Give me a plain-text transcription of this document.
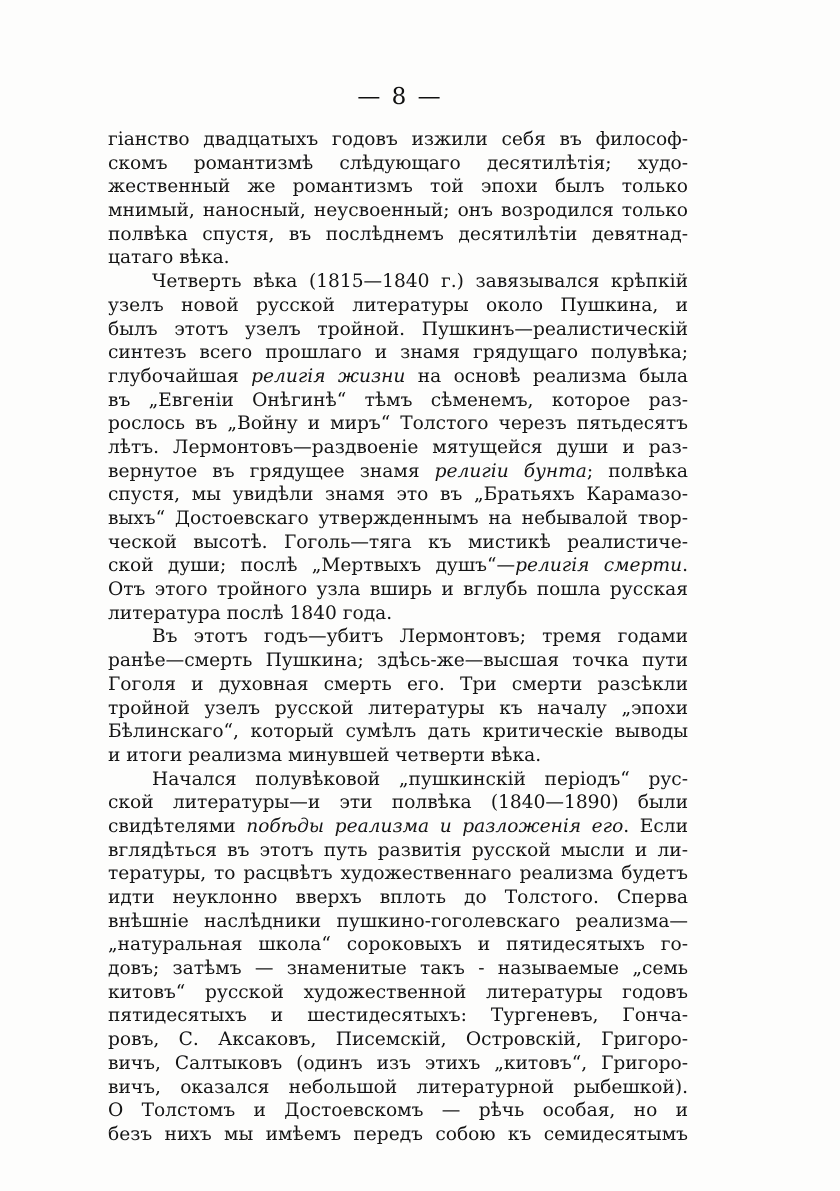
— 8 —
гіанство двадцатыхъ годовъ изжили себя въ философ-
скомъ романтизмѣ слѣдующаго десятилѣтія; худо-
жественный же романтизмъ той эпохи былъ только
мнимый, наносный, неусвоенный; онъ возродился только
полвѣка спустя, въ послѣднемъ десятилѣтіи девятнад-
цатаго вѣка.
Четверть вѣка (1815—1840 г.) завязывался крѣпкій
узелъ новой русской литературы около Пушкина, и
былъ этотъ узелъ тройной. Пушкинъ—реалистическій
синтезъ всего прошлаго и знамя грядущаго полувѣка;
глубочайшая религія жизни на основѣ реализма была
въ „Евгеніи Онѣгинѣ“ тѣмъ сѣменемъ, которое раз-
рослось въ „Войну и миръ“ Толстого черезъ пятьдесятъ
лѣтъ. Лермонтовъ—раздвоеніе мятущейся души и раз-
вернутое въ грядущее знамя религіи бунта; полвѣка
спустя, мы увидѣли знамя это въ „Братьяхъ Карамазо-
выхъ“ Достоевскаго утвержденнымъ на небывалой твор-
ческой высотѣ. Гоголь—тяга къ мистикѣ реалистиче-
ской души; послѣ „Мертвыхъ душъ“—религія смерти.
Отъ этого тройного узла вширь и вглубь пошла русская
литература послѣ 1840 года.
Въ этотъ годъ—убитъ Лермонтовъ; тремя годами
ранѣе—смерть Пушкина; здѣсь-же—высшая точка пути
Гоголя и духовная смерть его. Три смерти разсѣкли
тройной узелъ русской литературы къ началу „эпохи
Бѣлинскаго“, который сумѣлъ дать критическіе выводы
и итоги реализма минувшей четверти вѣка.
Начался полувѣковой „пушкинскій періодъ“ рус-
ской литературы—и эти полвѣка (1840—1890) были
свидѣтелями побѣды реализма и разложенія его. Если
вглядѣться въ этотъ путь развитія русской мысли и ли-
тературы, то расцвѣтъ художественнаго реализма будетъ
идти неуклонно вверхъ вплоть до Толстого. Сперва
внѣшніе наслѣдники пушкино-гоголевскаго реализма—
„натуральная школа“ сороковыхъ и пятидесятыхъ го-
довъ; затѣмъ — знаменитые такъ - называемые „семь
китовъ“ русской художественной литературы годовъ
пятидесятыхъ и шестидесятыхъ: Тургеневъ, Гонча-
ровъ, С. Аксаковъ, Писемскій, Островскій, Григоро-
вичъ, Салтыковъ (одинъ изъ этихъ „китовъ“, Григоро-
вичъ, оказался небольшой литературной рыбешкой).
О Толстомъ и Достоевскомъ — рѣчь особая, но и
безъ нихъ мы имѣемъ передъ собою къ семидесятымъ
